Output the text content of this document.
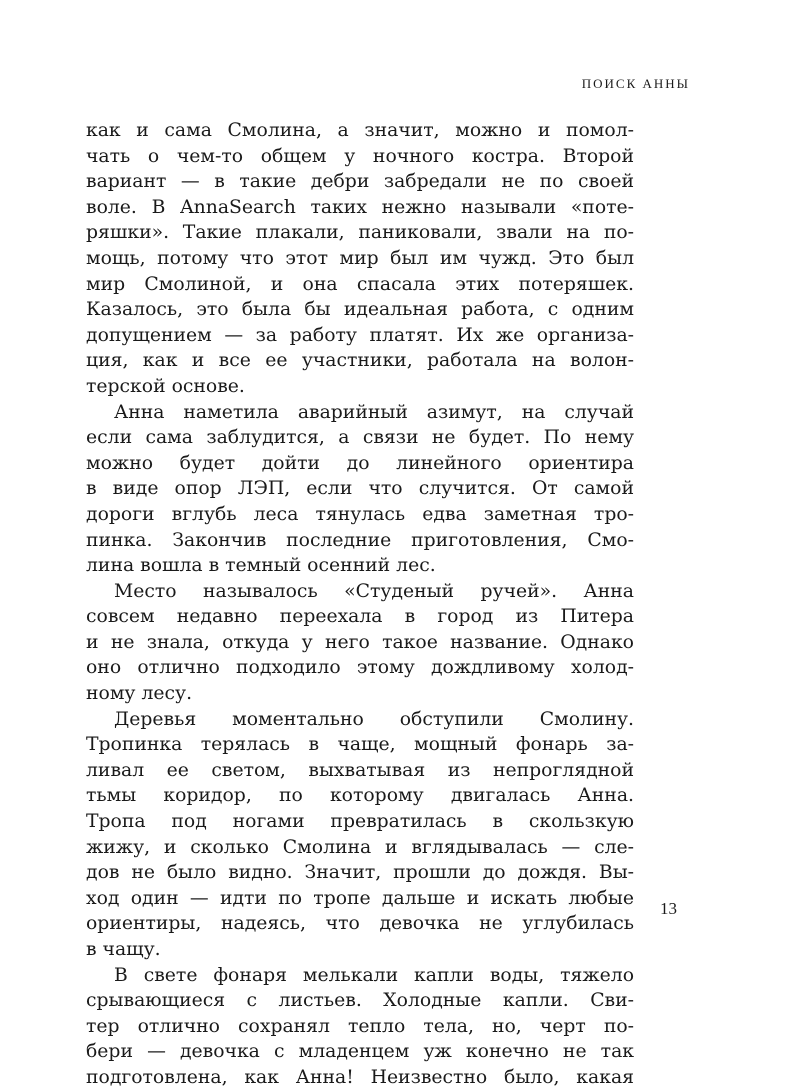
ПОИСК АННЫ
как и сама Смолина, а значит, можно и помол-
чать о чем-то общем у ночного костра. Второй
вариант — в такие дебри забредали не по своей
воле. В AnnaSearch таких нежно называли «поте-
ряшки». Такие плакали, паниковали, звали на по-
мощь, потому что этот мир был им чужд. Это был
мир Смолиной, и она спасала этих потеряшек.
Казалось, это была бы идеальная работа, с одним
допущением — за работу платят. Их же организа-
ция, как и все ее участники, работала на волон-
терской основе.
Анна наметила аварийный азимут, на случай
если сама заблудится, а связи не будет. По нему
можно будет дойти до линейного ориентира
в виде опор ЛЭП, если что случится. От самой
дороги вглубь леса тянулась едва заметная тро-
пинка. Закончив последние приготовления, Смо-
лина вошла в темный осенний лес.
Место называлось «Студеный ручей». Анна
совсем недавно переехала в город из Питера
и не знала, откуда у него такое название. Однако
оно отлично подходило этому дождливому холод-
ному лесу.
Деревья моментально обступили Смолину.
Тропинка терялась в чаще, мощный фонарь за-
ливал ее светом, выхватывая из непроглядной
тьмы коридор, по которому двигалась Анна.
Тропа под ногами превратилась в скользкую
жижу, и сколько Смолина и вглядывалась — сле-
дов не было видно. Значит, прошли до дождя. Вы-
ход один — идти по тропе дальше и искать любые
ориентиры, надеясь, что девочка не углубилась
в чащу.
В свете фонаря мелькали капли воды, тяжело
срывающиеся с листьев. Холодные капли. Сви-
тер отлично сохранял тепло тела, но, черт по-
бери — девочка с младенцем уж конечно не так
подготовлена, как Анна! Неизвестно было, какая
13
